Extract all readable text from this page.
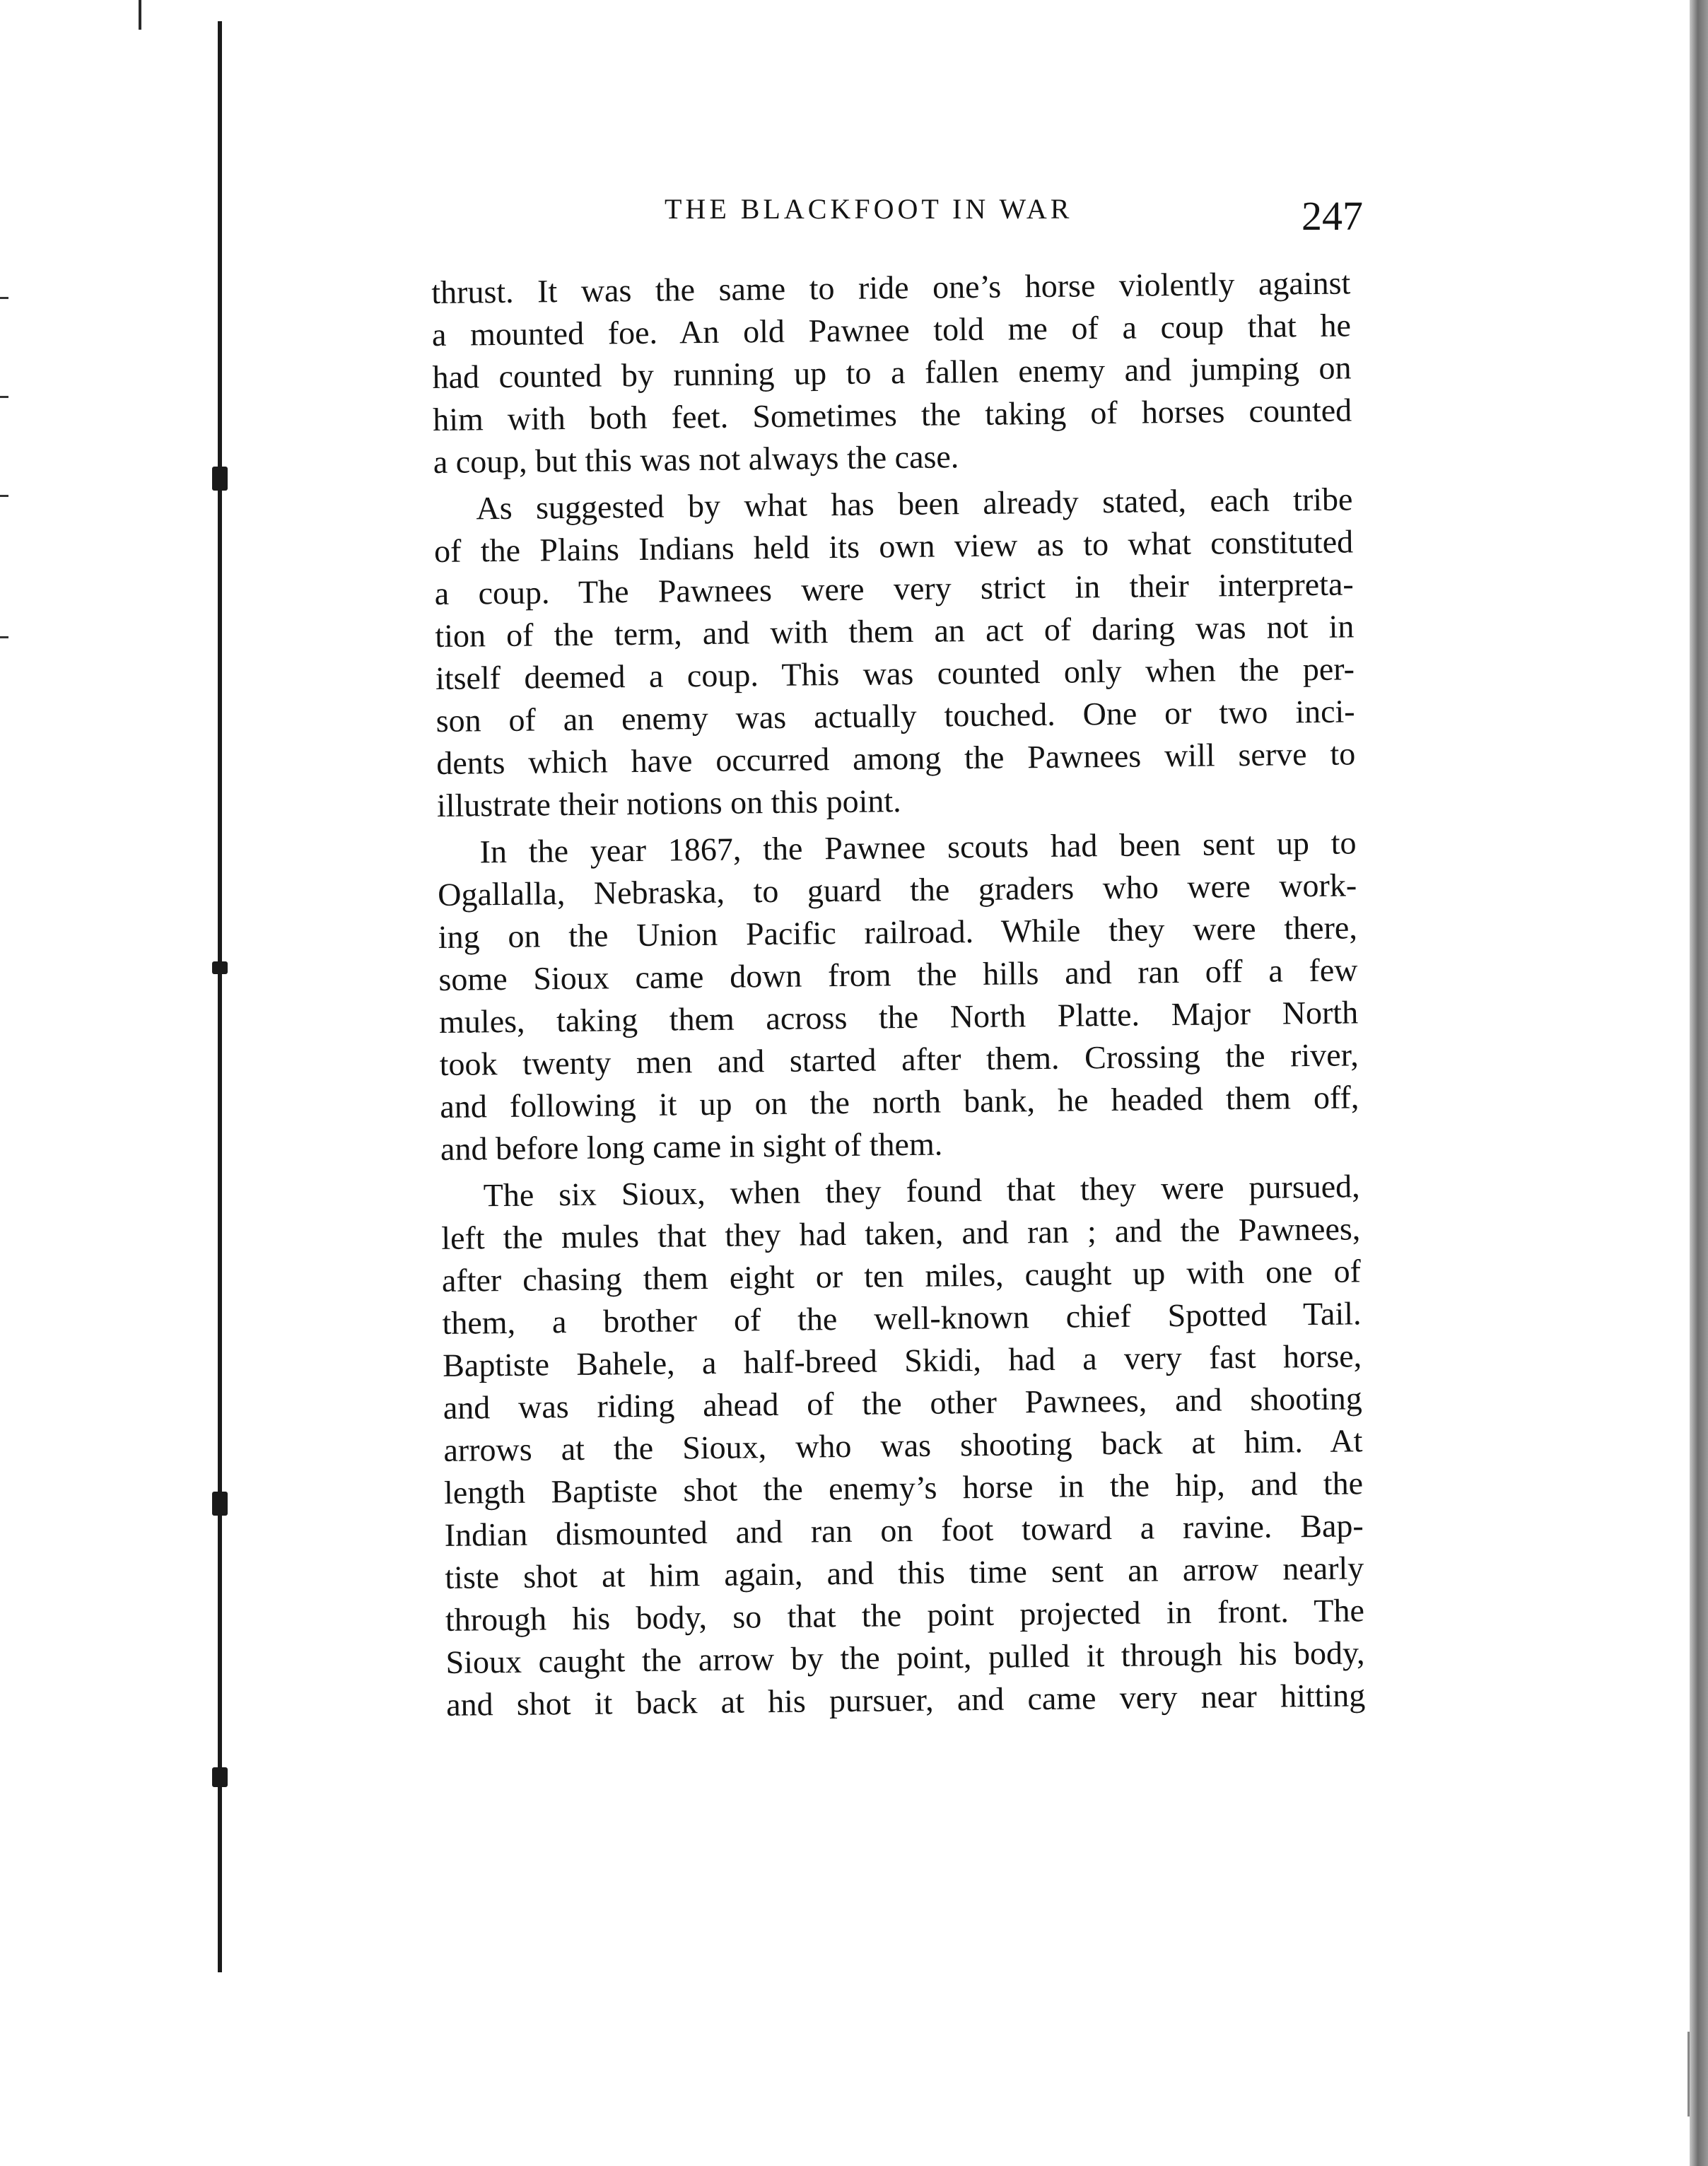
THE BLACKFOOT IN WAR	247
thrust. It was the same to ride one’s horse violently against
a mounted foe. An old Pawnee told me of a coup that he
had counted by running up to a fallen enemy and jumping on
him with both feet. Sometimes the taking of horses counted
a coup, but this was not always the case.
As suggested by what has been already stated, each tribe
of the Plains Indians held its own view as to what constituted
a coup. The Pawnees were very strict in their interpreta-
tion of the term, and with them an act of daring was not in
itself deemed a coup. This was counted only when the per-
son of an enemy was actually touched. One or two inci-
dents which have occurred among the Pawnees will serve to
illustrate their notions on this point.
In the year 1867, the Pawnee scouts had been sent up to
Ogallalla, Nebraska, to guard the graders who were work-
ing on the Union Pacific railroad. While they were there,
some Sioux came down from the hills and ran off a few
mules, taking them across the North Platte. Major North
took twenty men and started after them. Crossing the river,
and following it up on the north bank, he headed them off,
and before long came in sight of them.
The six Sioux, when they found that they were pursued,
left the mules that they had taken, and ran ; and the Pawnees,
after chasing them eight or ten miles, caught up with one of
them, a brother of the well-known chief Spotted Tail.
Baptiste Bahele, a half-breed Skidi, had a very fast horse,
and was riding ahead of the other Pawnees, and shooting
arrows at the Sioux, who was shooting back at him. At
length Baptiste shot the enemy’s horse in the hip, and the
Indian dismounted and ran on foot toward a ravine. Bap-
tiste shot at him again, and this time sent an arrow nearly
through his body, so that the point projected in front. The
Sioux caught the arrow by the point, pulled it through his body,
and shot it back at his pursuer, and came very near hitting
